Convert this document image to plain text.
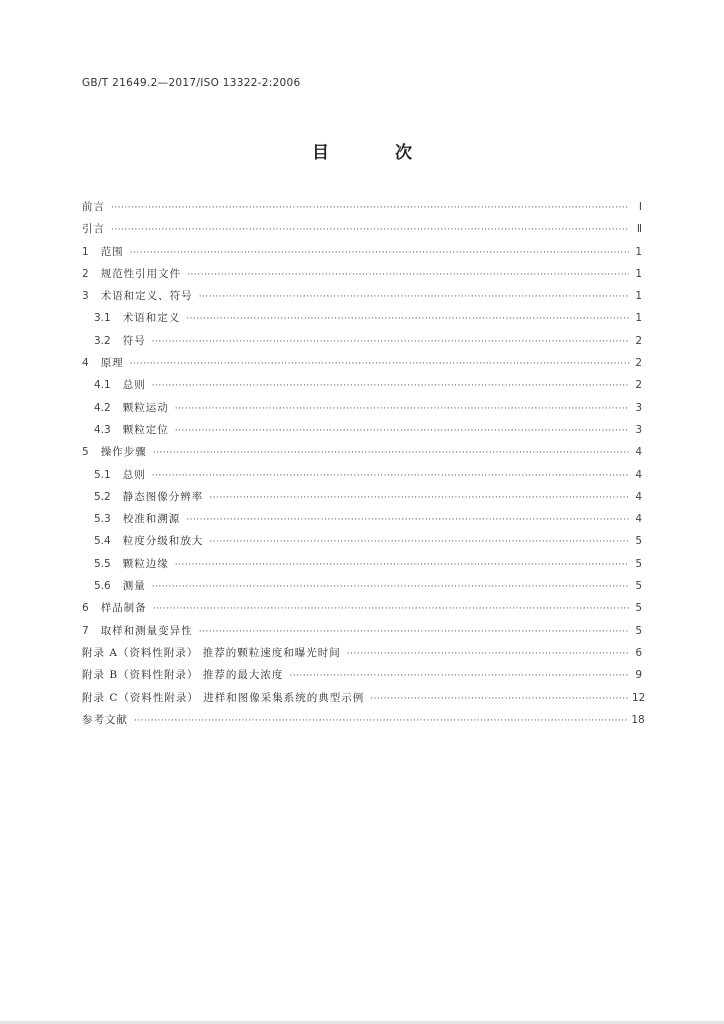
GB/T 21649.2—2017/ISO 13322-2:2006
目 次
前言 ·····	Ⅰ
引言 ·····	Ⅱ
1 范围 ·····	1
2 规范性引用文件 ·····	1
3 术语和定义、符号 ·····	1
3.1 术语和定义 ·····	1
3.2 符号 ·····	2
4 原理 ·····	2
4.1 总则 ·····	2
4.2 颗粒运动 ·····	3
4.3 颗粒定位 ·····	3
5 操作步骤 ·····	4
5.1 总则 ·····	4
5.2 静态图像分辨率 ·····	4
5.3 校准和溯源 ·····	4
5.4 粒度分级和放大 ·····	5
5.5 颗粒边缘 ·····	5
5.6 测量 ·····	5
6 样品制备 ·····	5
7 取样和测量变异性 ·····	5
附录 A（资料性附录） 推荐的颗粒速度和曝光时间 ·····	6
附录 B（资料性附录） 推荐的最大浓度 ·····	9
附录 C（资料性附录） 进样和图像采集系统的典型示例 ·····	12
参考文献 ·····	18
